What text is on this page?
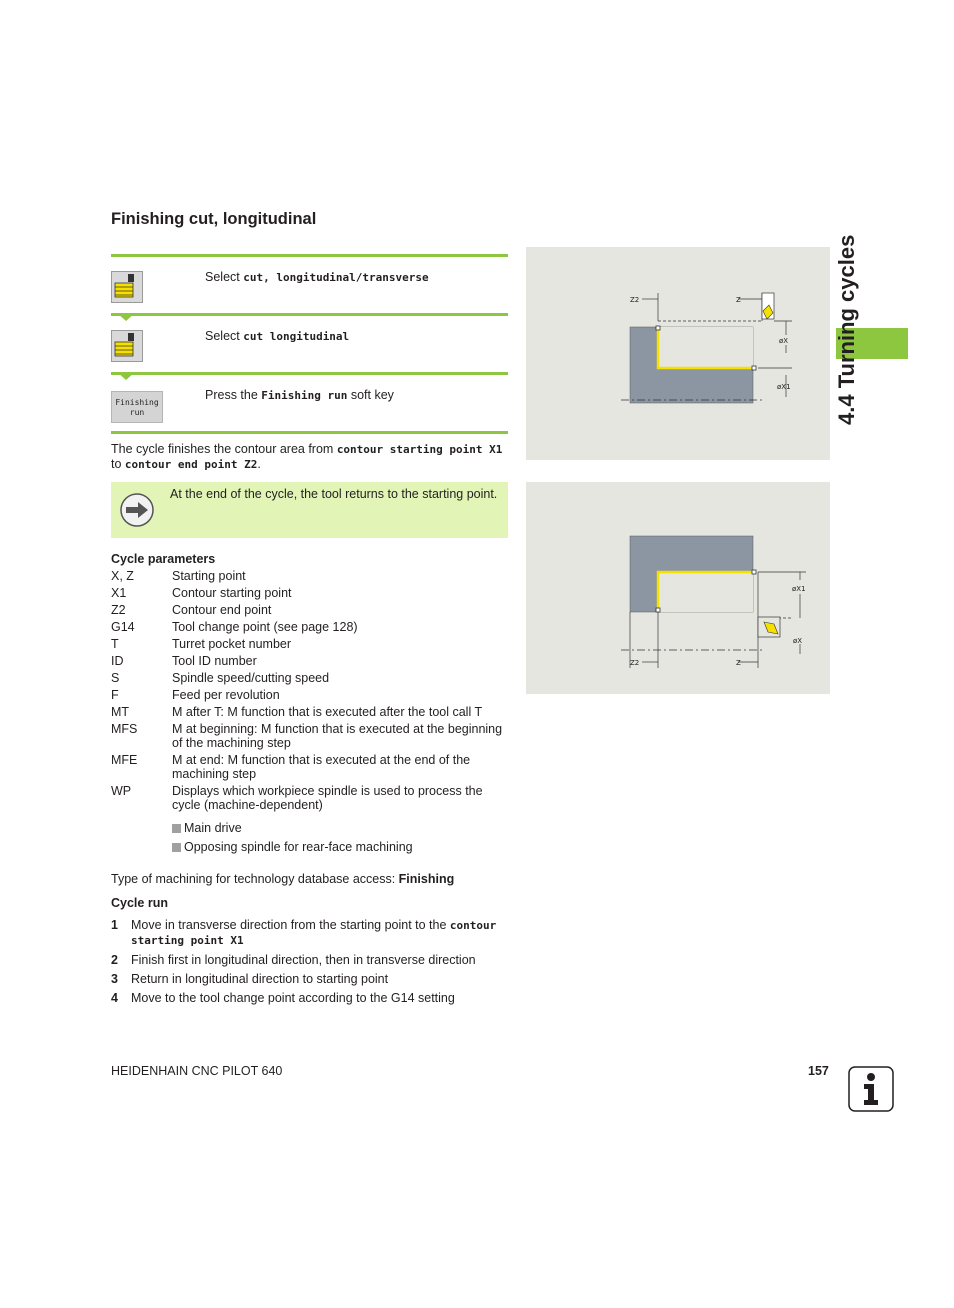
Finishing cut, longitudinal
4.4 Turning cycles
Select cut, longitudinal/transverse
Select cut longitudinal
Finishing
run
Press the Finishing run soft key
The cycle finishes the contour area from contour starting point X1
to contour end point Z2.
At the end of the cycle, the tool returns to the starting point.
Cycle parameters
X, Z	Starting point
X1	Contour starting point
Z2	Contour end point
G14	Tool change point (see page 128)
T	Turret pocket number
ID	Tool ID number
S	Spindle speed/cutting speed
F	Feed per revolution
MT	M after T: M function that is executed after the tool call T
MFS	M at beginning: M function that is executed at the beginning of the machining step
MFE	M at end: M function that is executed at the end of the machining step
WP	Displays which workpiece spindle is used to process the cycle (machine-dependent)
Main drive
Opposing spindle for rear-face machining
Type of machining for technology database access: Finishing
Cycle run
1	Move in transverse direction from the starting point to the contour starting point X1
2	Finish first in longitudinal direction, then in transverse direction
3	Return in longitudinal direction to starting point
4	Move to the tool change point according to the G14 setting
Z2	Z
øX
øX1
Z2	Z
øX1
øX
HEIDENHAIN CNC PILOT 640	157
